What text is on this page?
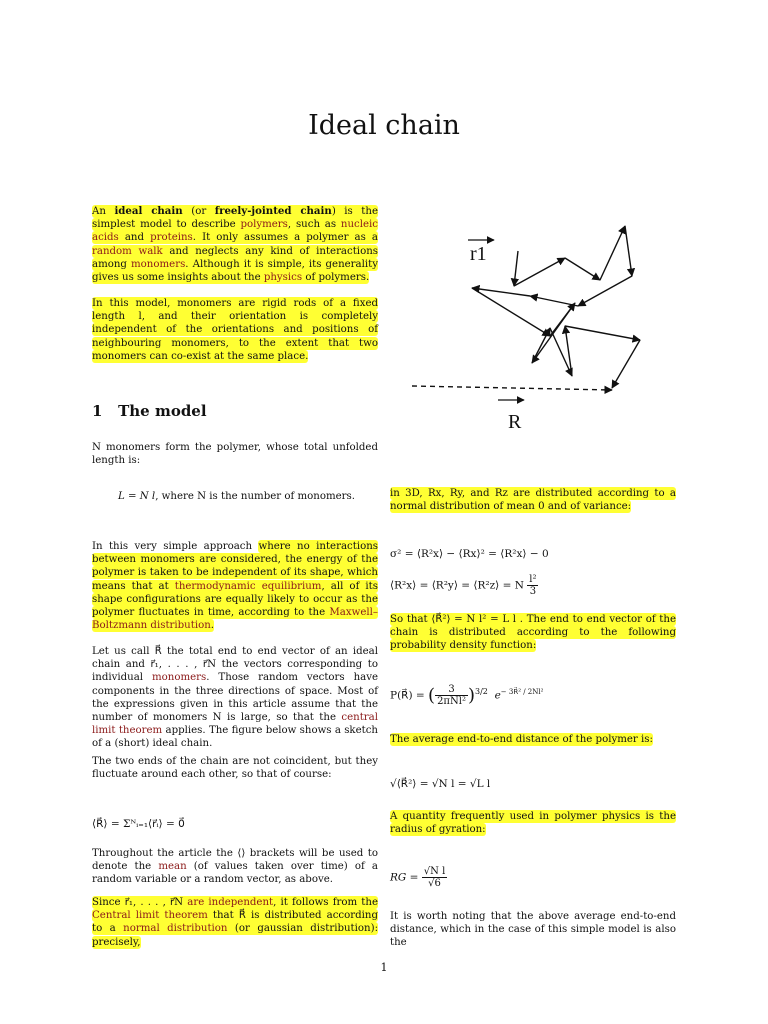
Ideal chain

An ideal chain (or freely-jointed chain) is the simplest model to describe polymers, such as nucleic acids and proteins. It only assumes a polymer as a random walk and neglects any kind of interactions among monomers. Although it is simple, its generality gives us some insights about the physics of polymers.

In this model, monomers are rigid rods of a fixed length l, and their orientation is completely independent of the orientations and positions of neighbouring monomers, to the extent that two monomers can co-exist at the same place.

r1
R
1 The model

N monomers form the polymer, whose total unfolded length is:

L = N l, where N is the number of monomers.

In this very simple approach where no interactions between monomers are considered, the energy of the polymer is taken to be independent of its shape, which means that at thermodynamic equilibrium, all of its shape configurations are equally likely to occur as the polymer fluctuates in time, according to the Maxwell–Boltzmann distribution.

Let us call R⃗ the total end to end vector of an ideal chain and r⃗₁, . . . , r⃗N the vectors corresponding to individual monomers. Those random vectors have components in the three directions of space. Most of the expressions given in this article assume that the number of monomers N is large, so that the central limit theorem applies. The figure below shows a sketch of a (short) ideal chain.

The two ends of the chain are not coincident, but they fluctuate around each other, so that of course:

⟨R⃗⟩ = Σᴺᵢ₌₁⟨r⃗ᵢ⟩ = 0⃗

Throughout the article the ⟨⟩ brackets will be used to denote the mean (of values taken over time) of a random variable or a random vector, as above.

Since r⃗₁, . . . , r⃗N are independent, it follows from the Central limit theorem that R⃗ is distributed according to a normal distribution (or gaussian distribution): precisely,

in 3D, Rx, Ry, and Rz are distributed according to a normal distribution of mean 0 and of variance:

σ² = ⟨R²x⟩ − ⟨Rx⟩² = ⟨R²x⟩ − 0
⟨R²x⟩ = ⟨R²y⟩ = ⟨R²z⟩ = N $\frac{\text{l²}}{3}$

So that ⟨R⃗²⟩ = N l² = L l . The end to end vector of the chain is distributed according to the following probability density function:

P(R⃗) = ( $\frac{3}{\text{2πNl²}} )^{3/2}$ $e^{- 3R⃗^2 / 2Nl^2}$

The average end-to-end distance of the polymer is:

√⟨R⃗²⟩ = √N l = √L l

A quantity frequently used in polymer physics is the radius of gyration:

RG = $\frac{\text{√N l}}{√6}$

It is worth noting that the above average end-to-end distance, which in the case of this simple model is also the

1
